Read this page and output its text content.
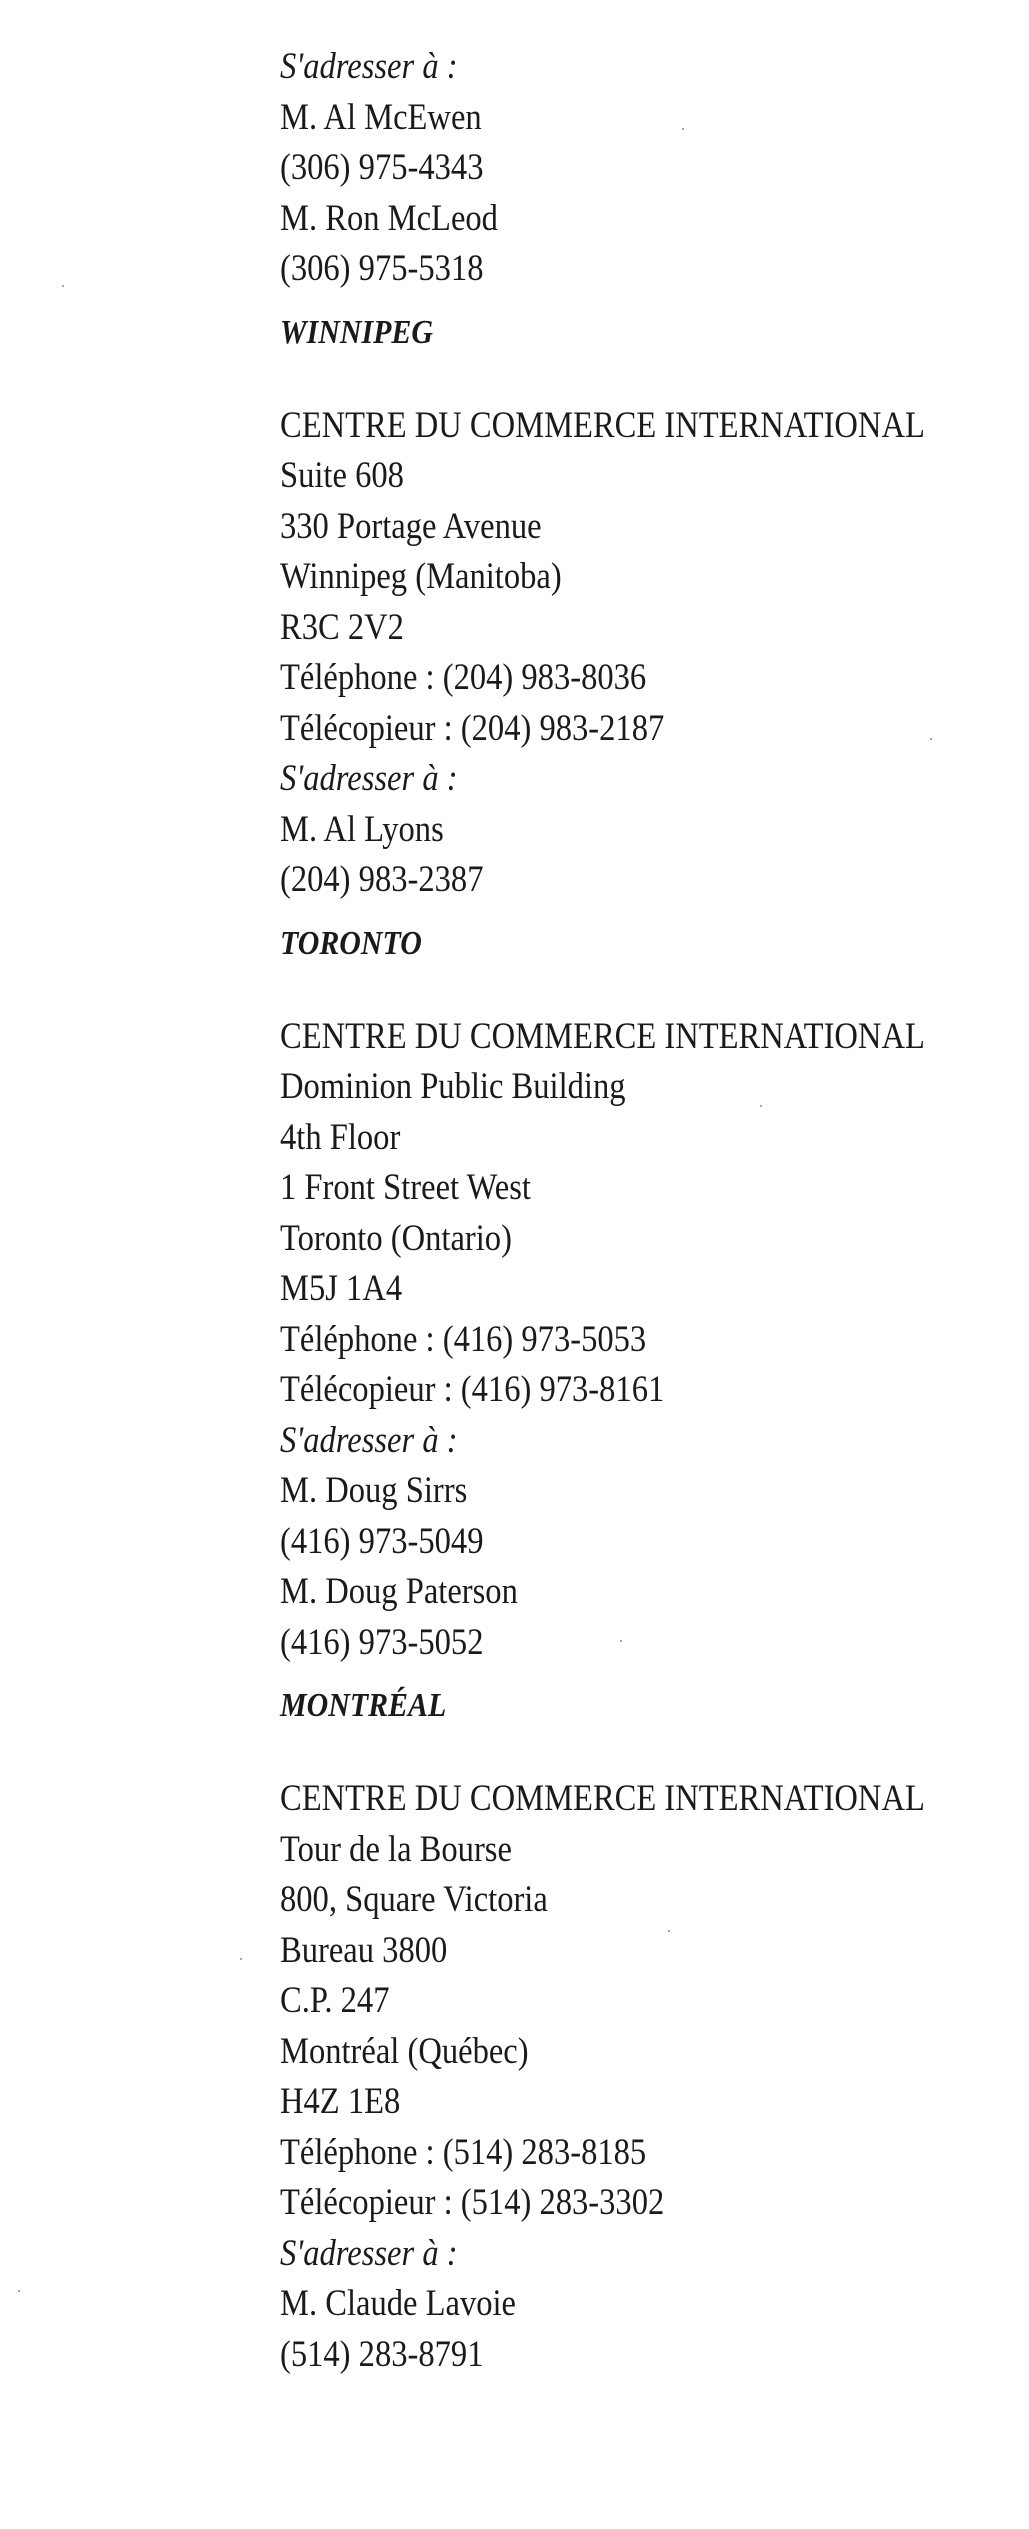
S'adresser à :
M. Al McEwen
(306) 975-4343
M. Ron McLeod
(306) 975-5318
WINNIPEG
CENTRE DU COMMERCE INTERNATIONAL
Suite 608
330 Portage Avenue
Winnipeg (Manitoba)
R3C 2V2
Téléphone : (204) 983-8036
Télécopieur : (204) 983-2187
S'adresser à :
M. Al Lyons
(204) 983-2387
TORONTO
CENTRE DU COMMERCE INTERNATIONAL
Dominion Public Building
4th Floor
1 Front Street West
Toronto (Ontario)
M5J 1A4
Téléphone : (416) 973-5053
Télécopieur : (416) 973-8161
S'adresser à :
M. Doug Sirrs
(416) 973-5049
M. Doug Paterson
(416) 973-5052
MONTRÉAL
CENTRE DU COMMERCE INTERNATIONAL
Tour de la Bourse
800, Square Victoria
Bureau 3800
C.P. 247
Montréal (Québec)
H4Z 1E8
Téléphone : (514) 283-8185
Télécopieur : (514) 283-3302
S'adresser à :
M. Claude Lavoie
(514) 283-8791
